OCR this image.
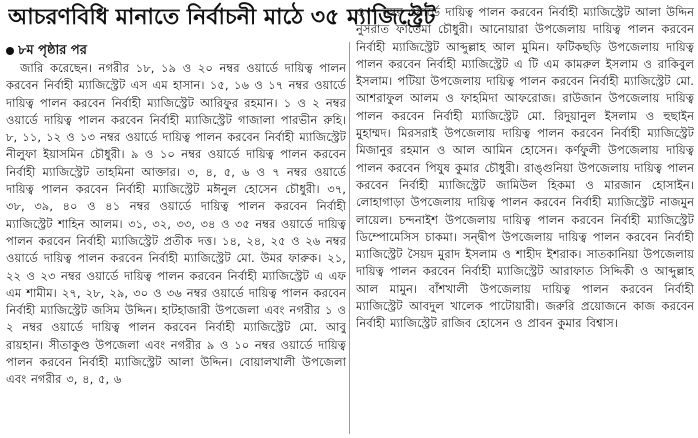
আচরণবিধি মানাতে নির্বাচনী মাঠে ৩৫ ম্যাজিস্ট্রেট
৮ম পৃষ্ঠার পর

জারি করেছেন। নগরীর ১৮, ১৯ ও ২০ নম্বর ওয়ার্ডে দায়িত্ব পালন করবেন নির্বাহী ম্যাজিস্ট্রেট এস এম হাসান। ১৫, ১৬ ও ১৭ নম্বর ওয়ার্ডে দায়িত্ব পালন করবেন নির্বাহী ম্যাজিস্ট্রেট আরিফুর রহমান। ১ ও ২ নম্বর ওয়ার্ডে দায়িত্ব পালন করবেন নির্বাহী ম্যাজিস্ট্রেট গাজালা পারভীন রুহি। ৮, ১১, ১২ ও ১৩ নম্বর ওয়ার্ডে দায়িত্ব পালন করবেন নির্বাহী ম্যাজিস্ট্রেট নীলুফা ইয়াসমিন চৌধুরী। ৯ ও ১০ নম্বর ওয়ার্ডে দায়িত্ব পালন করবেন নির্বাহী ম্যাজিস্ট্রেট তাহমিনা আক্তার। ৩, ৪, ৫, ৬ ও ৭ নম্বর ওয়ার্ডে দায়িত্ব পালন করবেন নির্বাহী ম্যাজিস্ট্রেট মঈনুল হোসেন চৌধুরী। ৩৭, ৩৮, ৩৯, ৪০ ও ৪১ নম্বর ওয়ার্ডে দায়িত্ব পালন করবেন নির্বাহী ম্যাজিস্ট্রেট শাহিন আলম। ৩১, ৩২, ৩৩, ৩৪ ও ৩৫ নম্বর ওয়ার্ডে দায়িত্ব পালন করবেন নির্বাহী ম্যাজিস্ট্রেট প্রতীক দত্ত। ১৪, ২৪, ২৫ ও ২৬ নম্বর ওয়ার্ডে দায়িত্ব পালন করবেন নির্বাহী ম্যাজিস্ট্রেট মো. উমর ফারুক। ২১, ২২ ও ২৩ নম্বর ওয়ার্ডে দায়িত্ব পালন করবেন নির্বাহী ম্যাজিস্ট্রেট এ এফ এম শামীম। ২৭, ২৮, ২৯, ৩০ ও ৩৬ নম্বর ওয়ার্ডে দায়িত্ব পালন করবেন নির্বাহী ম্যাজিস্ট্রেট জসিম উদ্দিন। হাটহাজারী উপজেলা এবং নগরীর ১ ও ২ নম্বর ওয়ার্ডে দায়িত্ব পালন করবেন নির্বাহী ম্যাজিস্ট্রেট মো. আবু রায়হান। সীতাকুণ্ড উপজেলা এবং নগরীর ৯ ও ১০ নম্বর ওয়ার্ডে দায়িত্ব পালন করবেন নির্বাহী ম্যাজিস্ট্রেট আলা উদ্দিন। বোয়ালখালী উপজেলা এবং নগরীর ৩, ৪, ৫, ৬

ও ৭ নম্বর ওয়ার্ডে দায়িত্ব পালন করবেন নির্বাহী ম্যাজিস্ট্রেট আলা উদ্দিন নুসরাত ফাতেমা চৌধুরী। আনোয়ারা উপজেলায় দায়িত্ব পালন করবেন নির্বাহী ম্যাজিস্ট্রেট আব্দুল্লাহ আল মুমিন। ফটিকছড়ি উপজেলায় দায়িত্ব পালন করবেন নির্বাহী ম্যাজিস্ট্রেট এ টি এম কামরুল ইসলাম ও রাকিবুল ইসলাম। পটিয়া উপজেলায় দায়িত্ব পালন করবেন নির্বাহী ম্যাজিস্ট্রেট মো. আশরাফুল আলম ও ফাহমিদা আফরোজ। রাউজান উপজেলায় দায়িত্ব পালন করবেন নির্বাহী ম্যাজিস্ট্রেট মো. রিদুয়ানুল ইসলাম ও হুছাইন মুহাম্মদ। মিরসরাই উপজেলায় দায়িত্ব পালন করবেন নির্বাহী ম্যাজিস্ট্রেট মিজানুর রহমান ও আল আমিন হোসেন। কর্ণফুলী উপজেলায় দায়িত্ব পালন করবেন পিযুষ কুমার চৌধুরী। রাঙ্গুনিয়া উপজেলায় দায়িত্ব পালন করবেন নির্বাহী ম্যাজিস্ট্রেট জামিউল হিকমা ও মারজান হোসাইন। লোহাগাড়া উপজেলায় দায়িত্ব পালন করবেন নির্বাহী ম্যাজিস্ট্রেট নাজমুন লায়েল। চন্দনাইশ উপজেলায় দায়িত্ব পালন করবেন নির্বাহী ম্যাজিস্ট্রেট ডিম্পোমেসিস চাকমা। সন্দ্বীপ উপজেলায় দায়িত্ব পালন করবেন নির্বাহী ম্যাজিস্ট্রেট সৈয়দ মুরাদ ইসলাম ও শাহীদ ইশরাক। সাতকানিয়া উপজেলায় দায়িত্ব পালন করবেন নির্বাহী ম্যাজিস্ট্রেট আরাফাত সিদ্দিকী ও আব্দুল্লাহ আল মামুন। বাঁশখালী উপজেলায় দায়িত্ব পালন করবেন নির্বাহী ম্যাজিস্ট্রেট আবদুল খালেক পাটোয়ারী। জরুরি প্রয়োজনে কাজ করবেন নির্বাহী ম্যাজিস্ট্রেট রাজিব হোসেন ও প্রাবন কুমার বিশ্বাস।
